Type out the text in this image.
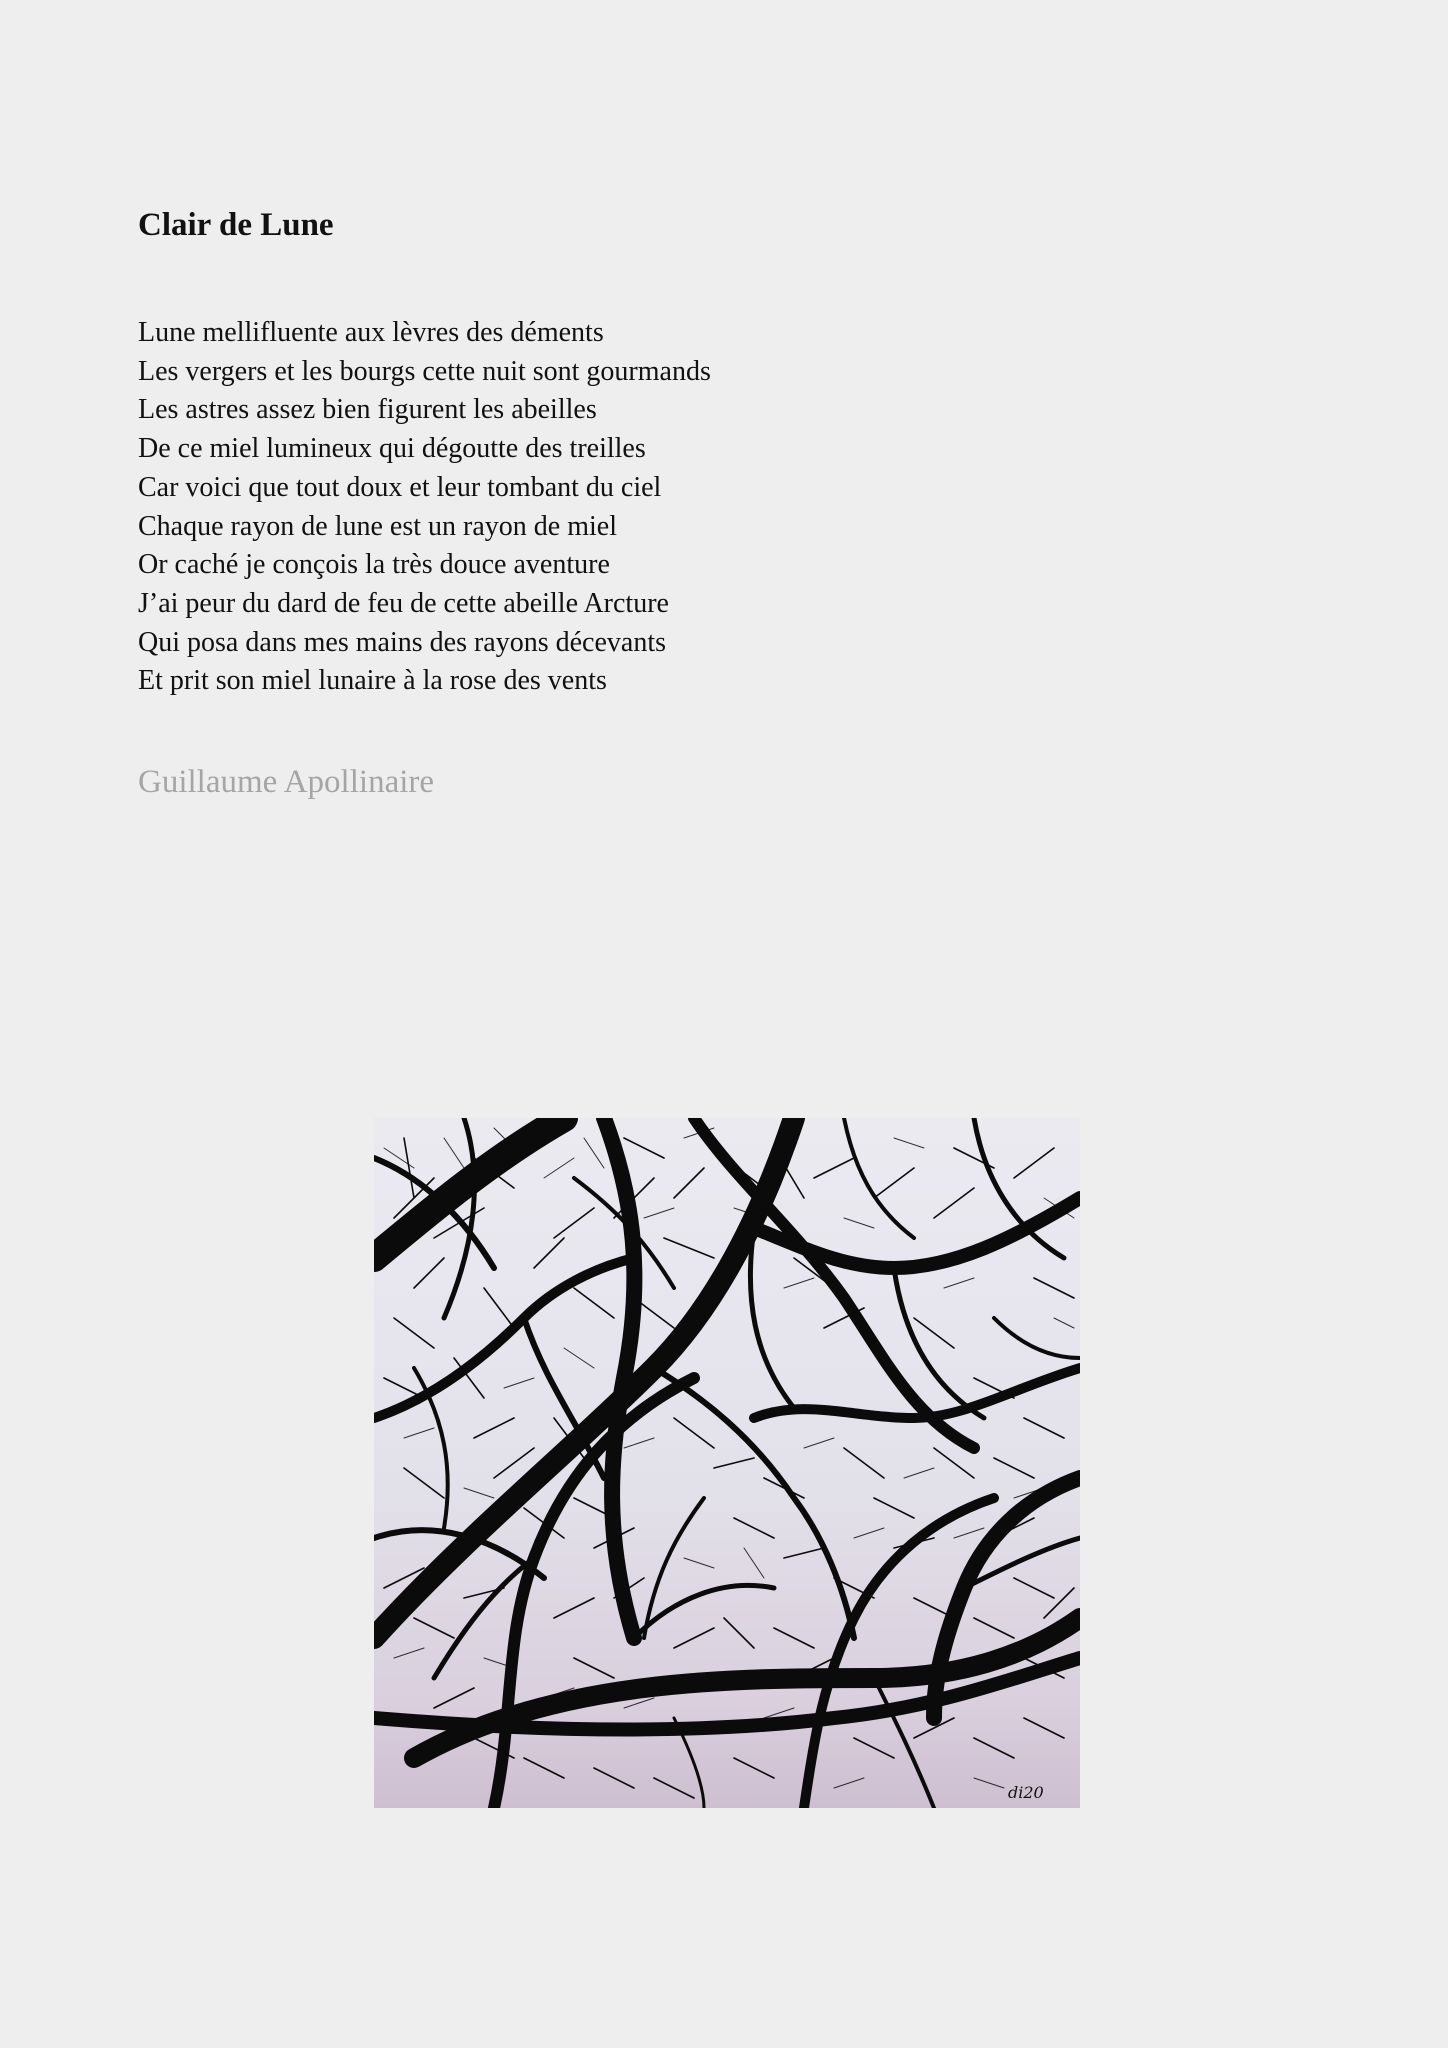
Clair de Lune
Lune mellifluente aux lèvres des déments
Les vergers et les bourgs cette nuit sont gourmands
Les astres assez bien figurent les abeilles
De ce miel lumineux qui dégoutte des treilles
Car voici que tout doux et leur tombant du ciel
Chaque rayon de lune est un rayon de miel
Or caché je conçois la très douce aventure
J’ai peur du dard de feu de cette abeille Arcture
Qui posa dans mes mains des rayons décevants
Et prit son miel lunaire à la rose des vents
Guillaume Apollinaire
di20
